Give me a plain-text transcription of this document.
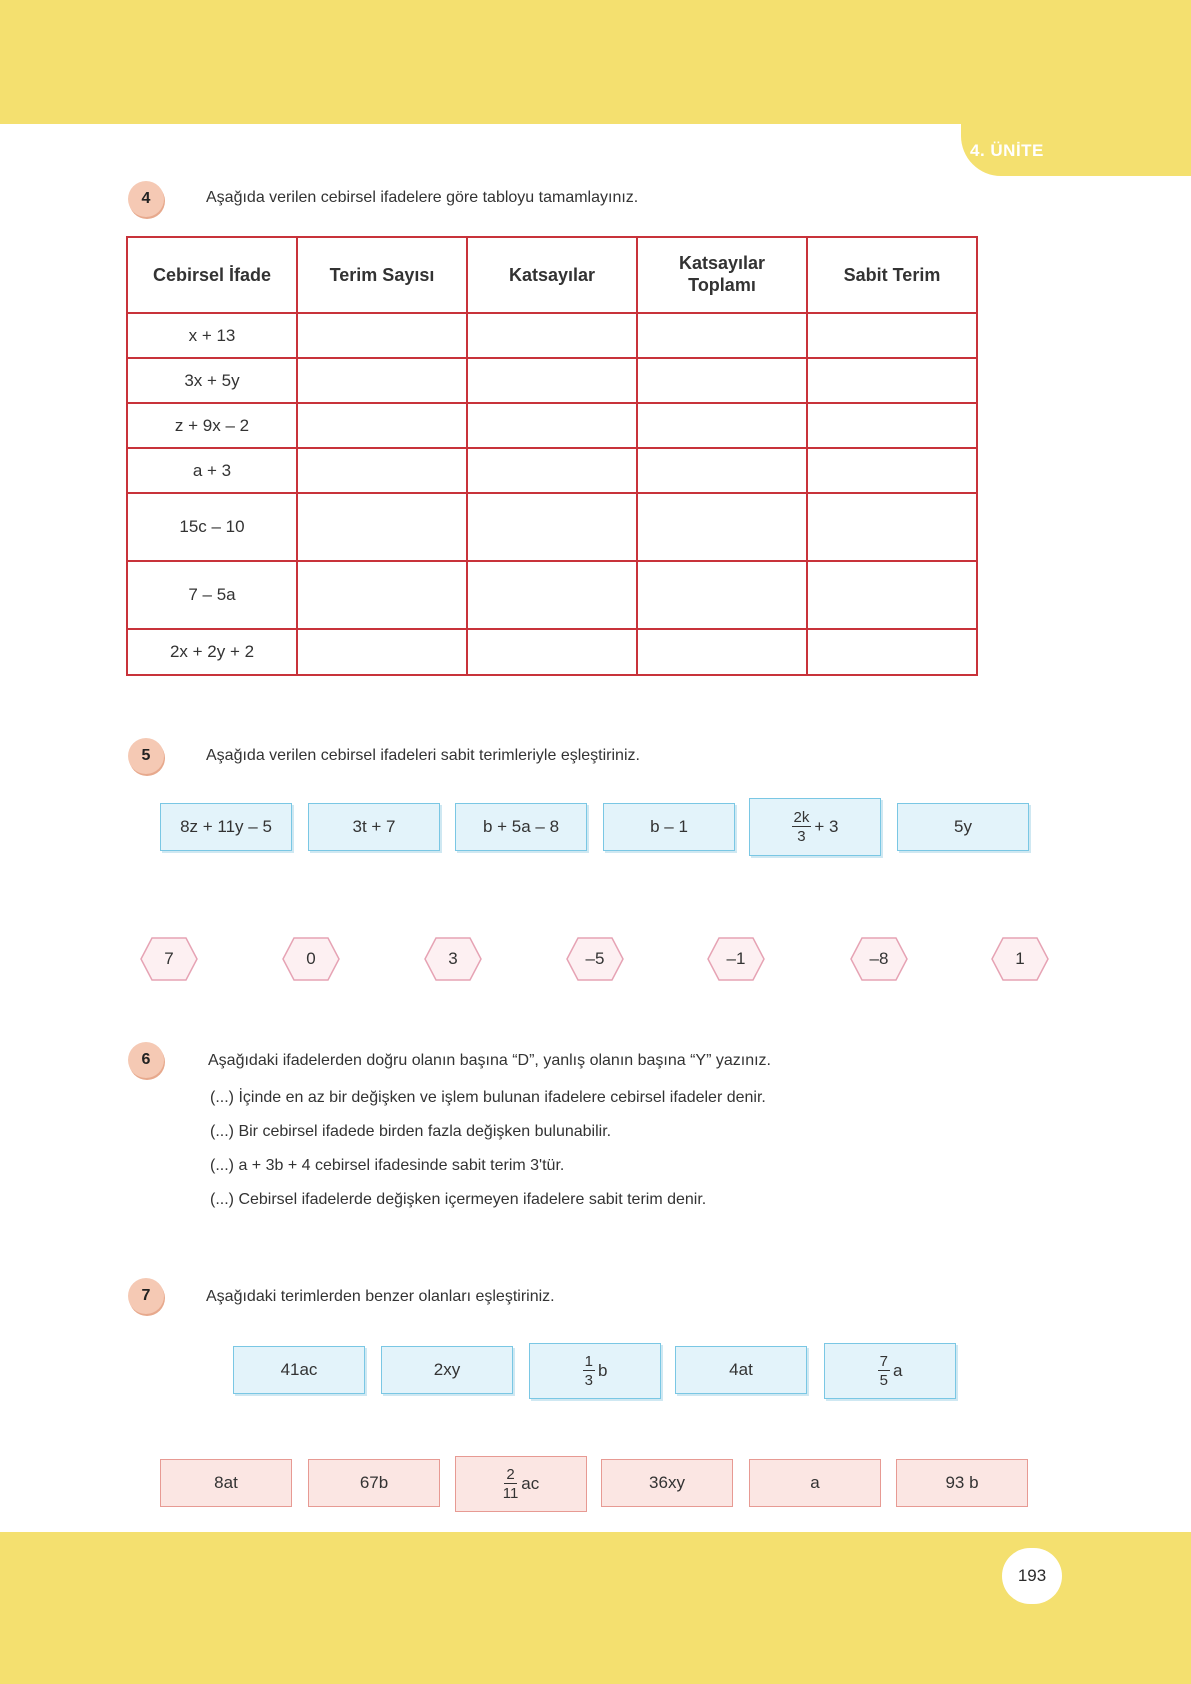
4. ÜNİTE
4	Aşağıda verilen cebirsel ifadelere göre tabloyu tamamlayınız.
Cebirsel İfade	Terim Sayısı	Katsayılar	Katsayılar Toplamı	Sabit Terim
x + 13				
3x + 5y				
z + 9x – 2				
a + 3				
15c – 10				
7 – 5a				
2x + 2y + 2				
5	Aşağıda verilen cebirsel ifadeleri sabit terimleriyle eşleştiriniz.
8z + 11y – 5	3t + 7	b + 5a – 8	b – 1	$\frac{2k}{3} + 3$	5y
7	0	3	–5	–1	–8	1
6	Aşağıdaki ifadelerden doğru olanın başına “D”, yanlış olanın başına “Y” yazınız.
(...) İçinde en az bir değişken ve işlem bulunan ifadelere cebirsel ifadeler denir.
(...) Bir cebirsel ifadede birden fazla değişken bulunabilir.
(...) a + 3b + 4 cebirsel ifadesinde sabit terim 3'tür.
(...) Cebirsel ifadelerde değişken içermeyen ifadelere sabit terim denir.
7	Aşağıdaki terimlerden benzer olanları eşleştiriniz.
41ac	2xy	$\frac{1}{3}$ b	4at	$\frac{7}{5}$ a
8at	67b	$\frac{2}{11}$ ac	36xy	a	93 b
193
